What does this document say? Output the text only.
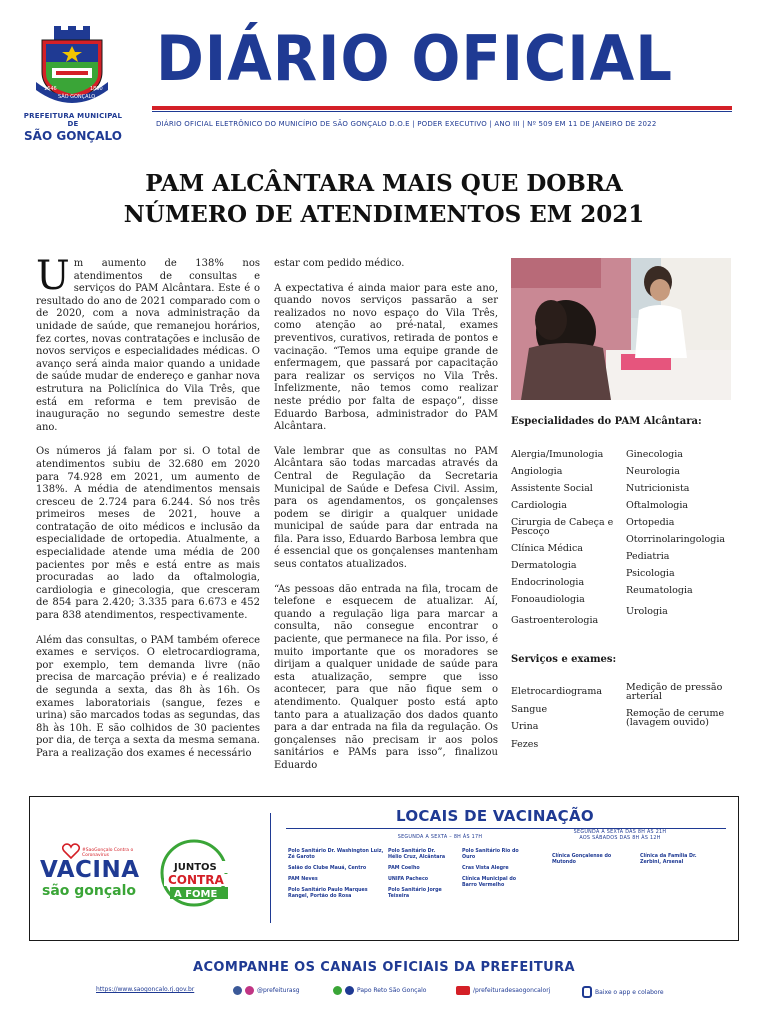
1646	1890
SÃO GONÇALO
PREFEITURA MUNICIPAL DE
SÃO GONÇALO
DIÁRIO OFICIAL
DIÁRIO OFICIAL ELETRÔNICO DO MUNICÍPIO DE SÃO GONÇALO D.O.E | PODER EXECUTIVO | ANO III | Nº 509 EM 11 DE JANEIRO DE 2022
PAM ALCÂNTARA MAIS QUE DOBRA
NÚMERO DE ATENDIMENTOS EM 2021

Um aumento de 138% nos atendimentos de consultas e serviços do PAM Alcântara. Este é o resultado do ano de 2021 comparado com o de 2020, com a nova administração da unidade de saúde, que remanejou horários, fez cortes, novas contratações e inclusão de novos serviços e especialidades médicas. O avanço será ainda maior quando a unidade de saúde mudar de endereço e ganhar nova estrutura na Policlínica do Vila Três, que está em reforma e tem previsão de inauguração no segundo semestre deste ano.

Os números já falam por si. O total de atendimentos subiu de 32.680 em 2020 para 74.928 em 2021, um aumento de 138%. A média de atendimentos mensais cresceu de 2.724 para 6.244. Só nos três primeiros meses de 2021, houve a contratação de oito médicos e inclusão da especialidade de ortopedia. Atualmente, a especialidade atende uma média de 200 pacientes por mês e está entre as mais procuradas ao lado da oftalmologia, cardiologia e ginecologia, que cresceram de 854 para 2.420; 3.335 para 6.673 e 452 para 838 atendimentos, respectivamente.

Além das consultas, o PAM também oferece exames e serviços. O eletrocardiograma, por exemplo, tem demanda livre (não precisa de marcação prévia) e é realizado de segunda a sexta, das 8h às 16h. Os exames laboratoriais (sangue, fezes e urina) são marcados todas as segundas, das 8h às 10h. E são colhidos de 30 pacientes por dia, de terça a sexta da mesma semana. Para a realização dos exames é necessário

estar com pedido médico.

A expectativa é ainda maior para este ano, quando novos serviços passarão a ser realizados no novo espaço do Vila Três, como atenção ao pré-natal, exames preventivos, curativos, retirada de pontos e vacinação. “Temos uma equipe grande de enfermagem, que passará por capacitação para realizar os serviços no Vila Três. Infelizmente, não temos como realizar neste prédio por falta de espaço”, disse Eduardo Barbosa, administrador do PAM Alcântara.

Vale lembrar que as consultas no PAM Alcântara são todas marcadas através da Central de Regulação da Secretaria Municipal de Saúde e Defesa Civil. Assim, para os agendamentos, os gonçalenses podem se dirigir a qualquer unidade municipal de saúde para dar entrada na fila. Para isso, Eduardo Barbosa lembra que é essencial que os gonçalenses mantenham seus contatos atualizados.

“As pessoas dão entrada na fila, trocam de telefone e esquecem de atualizar. Aí, quando a regulação liga para marcar a consulta, não consegue encontrar o paciente, que permanece na fila. Por isso, é muito importante que os moradores se dirijam a qualquer unidade de saúde para esta atualização, sempre que isso acontecer, para que não fique sem o atendimento. Qualquer posto está apto tanto para a atualização dos dados quanto para a dar entrada na fila da regulação. Os gonçalenses não precisam ir aos polos sanitários e PAMs para isso”, finalizou Eduardo

Especialidades do PAM Alcântara:
Alergia/Imunologia
Angiologia
Assistente Social
Cardiologia
Cirurgia de Cabeça e Pescoço
Clínica Médica
Dermatologia
Endocrinologia
Fonoaudiologia
Gastroenterologia
Ginecologia
Neurologia
Nutricionista
Oftalmologia
Ortopedia
Otorrinolaringologia
Pediatria
Psicologia
Reumatologia
Urologia
Serviços e exames:
Eletrocardiograma
Sangue
Urina
Fezes
Medição de pressão arterial
Remoção de cerume (lavagem ouvido)
#SaoGonçalo Contra o Coronavírus
VACINA
são gonçalo
JUNTOS
CONTRA
A FOME
LOCAIS DE VACINAÇÃO
SEGUNDA A SEXTA – 8H ÀS 17H
SEGUNDA A SEXTA DAS 8H ÀS 21H
AOS SÁBADOS DAS 8H ÀS 12H
Polo Sanitário Dr. Washington Luiz, Zé Garoto
Salão do Clube Mauá, Centro
PAM Neves
Polo Sanitário Paulo Marques Rangel, Portão do Rosa
Polo Sanitário Dr. Hélio Cruz, Alcântara
PAM Coelho
UNIFA Pacheco
Polo Sanitário Jorge Teixeira
Polo Sanitário Rio do Ouro
Cras Vista Alegre
Clínica Municipal do Barro Vermelho
Clínica Gonçalense do Mutondo
Clínica da Família Dr. Zerbini, Arsenal
ACOMPANHE OS CANAIS OFICIAIS DA PREFEITURA
https://www.saogoncalo.rj.gov.br	@prefeiturasg	Papo Reto São Gonçalo	/prefeituradesaogoncalorj	Baixe o app e colabore
